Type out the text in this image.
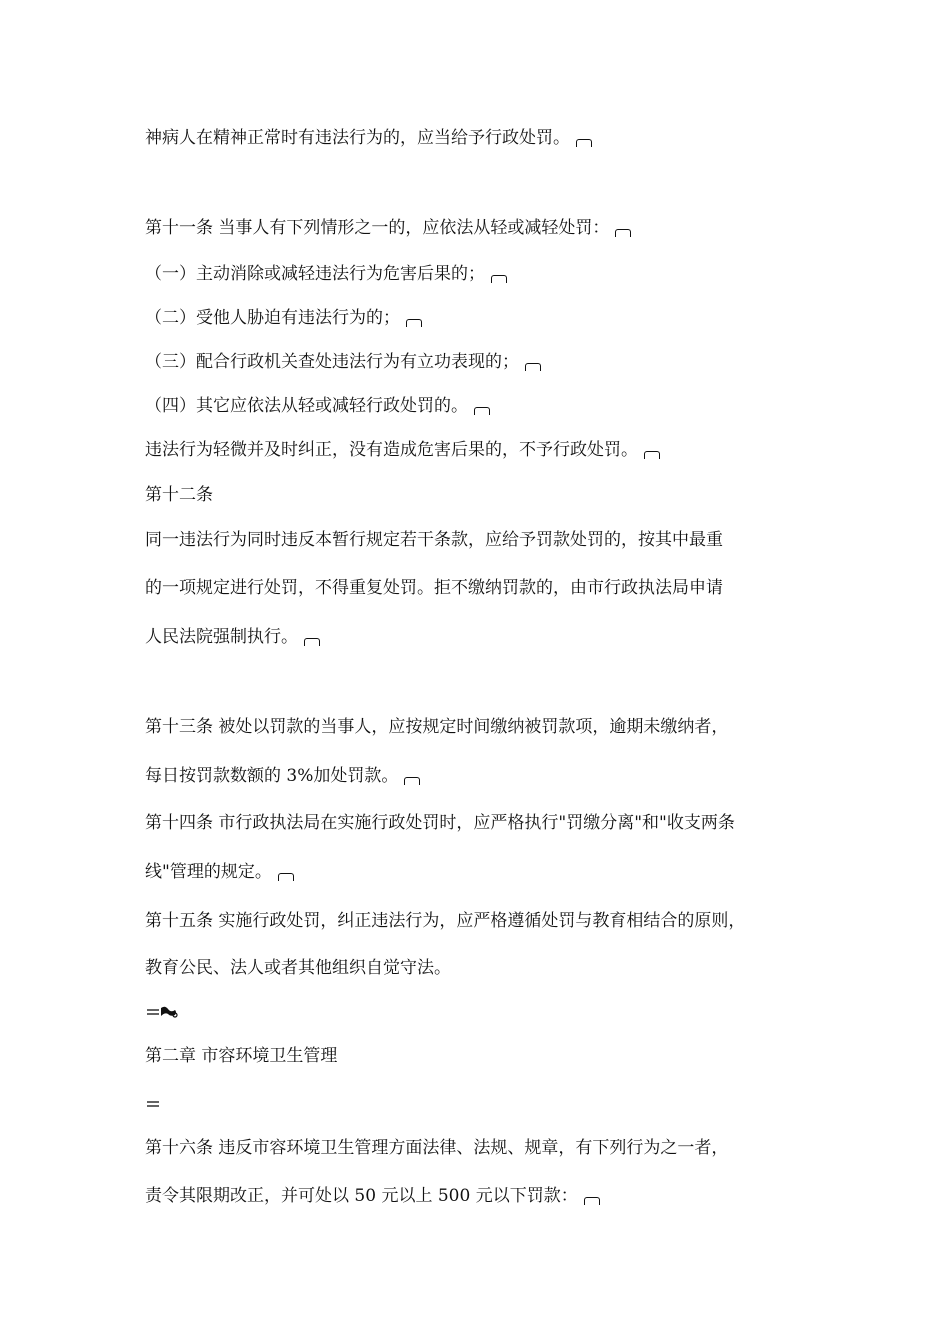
神病人在精神正常时有违法行为的，应当给予行政处罚。
第十一条 当事人有下列情形之一的，应依法从轻或减轻处罚：
（一）主动消除或减轻违法行为危害后果的；
（二）受他人胁迫有违法行为的；
（三）配合行政机关查处违法行为有立功表现的；
（四）其它应依法从轻或减轻行政处罚的。
违法行为轻微并及时纠正，没有造成危害后果的，不予行政处罚。
第十二条
同一违法行为同时违反本暂行规定若干条款，应给予罚款处罚的，按其中最重
的一项规定进行处罚，不得重复处罚。拒不缴纳罚款的，由市行政执法局申请
人民法院强制执行。
第十三条 被处以罚款的当事人，应按规定时间缴纳被罚款项，逾期未缴纳者，
每日按罚款数额的 3%加处罚款。
第十四条 市行政执法局在实施行政处罚时，应严格执行"罚缴分离"和"收支两条
线"管理的规定。
第十五条 实施行政处罚，纠正违法行为，应严格遵循处罚与教育相结合的原则，
教育公民、法人或者其他组织自觉守法。
第二章 市容环境卫生管理
第十六条 违反市容环境卫生管理方面法律、法规、规章，有下列行为之一者，
责令其限期改正，并可处以 50 元以上 500 元以下罚款：
